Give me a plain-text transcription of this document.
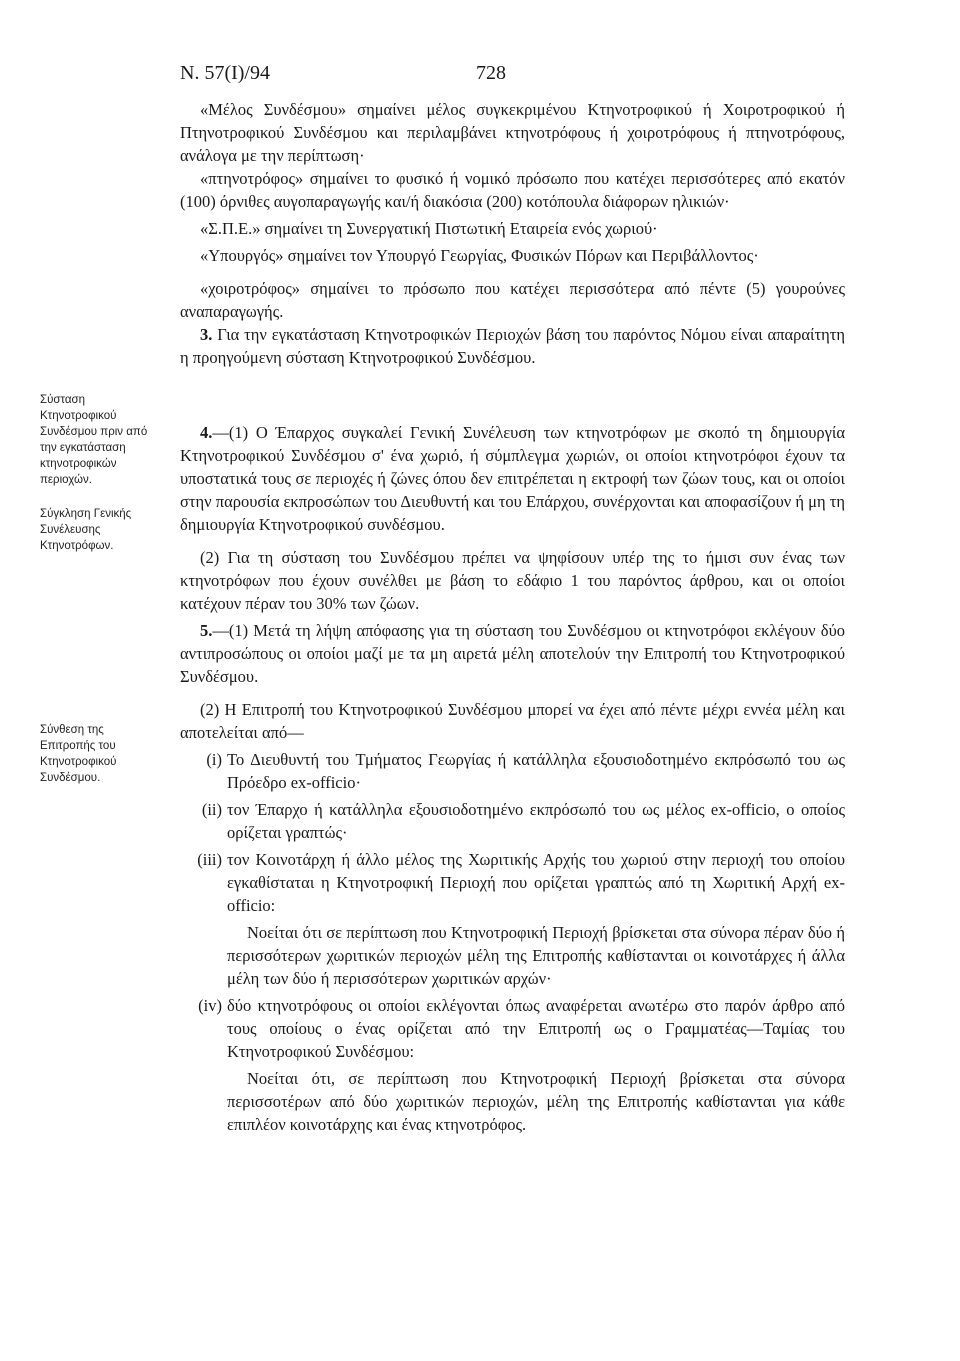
Ν. 57(Ι)/94	728
Σύσταση Κτηνοτροφικού Συνδέσμου πριν από την εγκατάσταση κτηνοτροφικών περιοχών.
Σύγκληση Γενικής Συνέλευσης Κτηνοτρόφων.
Σύνθεση της Επιτροπής του Κτηνοτροφικού Συνδέσμου.

«Μέλος Συνδέσμου» σημαίνει μέλος συγκεκριμένου Κτηνοτροφικού ή Χοιροτροφικού ή Πτηνοτροφικού Συνδέσμου και περιλαμβάνει κτηνοτρόφους ή χοιροτρόφους ή πτηνοτρόφους, ανάλογα με την περίπτωση·

«πτηνοτρόφος» σημαίνει το φυσικό ή νομικό πρόσωπο που κατέχει περισσότερες από εκατόν (100) όρνιθες αυγοπαραγωγής και/ή διακόσια (200) κοτόπουλα διάφορων ηλικιών·

«Σ.Π.Ε.» σημαίνει τη Συνεργατική Πιστωτική Εταιρεία ενός χωριού·

«Υπουργός» σημαίνει τον Υπουργό Γεωργίας, Φυσικών Πόρων και Περιβάλλοντος·

«χοιροτρόφος» σημαίνει το πρόσωπο που κατέχει περισσότερα από πέντε (5) γουρούνες αναπαραγωγής.

3. Για την εγκατάσταση Κτηνοτροφικών Περιοχών βάση του παρόντος Νόμου είναι απαραίτητη η προηγούμενη σύσταση Κτηνοτροφικού Συνδέσμου.

4.—(1) Ο Έπαρχος συγκαλεί Γενική Συνέλευση των κτηνοτρόφων με σκοπό τη δημιουργία Κτηνοτροφικού Συνδέσμου σ' ένα χωριό, ή σύμπλεγμα χωριών, οι οποίοι κτηνοτρόφοι έχουν τα υποστατικά τους σε περιοχές ή ζώνες όπου δεν επιτρέπεται η εκτροφή των ζώων τους, και οι οποίοι στην παρουσία εκπροσώπων του Διευθυντή και του Επάρχου, συνέρχονται και αποφασίζουν ή μη τη δημιουργία Κτηνοτροφικού συνδέσμου.

(2) Για τη σύσταση του Συνδέσμου πρέπει να ψηφίσουν υπέρ της το ήμισι συν ένας των κτηνοτρόφων που έχουν συνέλθει με βάση το εδάφιο 1 του παρόντος άρθρου, και οι οποίοι κατέχουν πέραν του 30% των ζώων.

5.—(1) Μετά τη λήψη απόφασης για τη σύσταση του Συνδέσμου οι κτηνοτρόφοι εκλέγουν δύο αντιπροσώπους οι οποίοι μαζί με τα μη αιρετά μέλη αποτελούν την Επιτροπή του Κτηνοτροφικού Συνδέσμου.

(2) Η Επιτροπή του Κτηνοτροφικού Συνδέσμου μπορεί να έχει από πέντε μέχρι εννέα μέλη και αποτελείται από—

(i) Το Διευθυντή του Τμήματος Γεωργίας ή κατάλληλα εξουσιοδοτημένο εκπρόσωπό του ως Πρόεδρο ex-officio·

(ii) τον Έπαρχο ή κατάλληλα εξουσιοδοτημένο εκπρόσωπό του ως μέλος ex-officio, ο οποίος ορίζεται γραπτώς·

(iii) τον Κοινοτάρχη ή άλλο μέλος της Χωριτικής Αρχής του χωριού στην περιοχή του οποίου εγκαθίσταται η Κτηνοτροφική Περιοχή που ορίζεται γραπτώς από τη Χωριτική Αρχή ex-officio:

Νοείται ότι σε περίπτωση που Κτηνοτροφική Περιοχή βρίσκεται στα σύνορα πέραν δύο ή περισσότερων χωριτικών περιοχών μέλη της Επιτροπής καθίστανται οι κοινοτάρχες ή άλλα μέλη των δύο ή περισσότερων χωριτικών αρχών·

(iv) δύο κτηνοτρόφους οι οποίοι εκλέγονται όπως αναφέρεται ανωτέρω στο παρόν άρθρο από τους οποίους ο ένας ορίζεται από την Επιτροπή ως ο Γραμματέας—Ταμίας του Κτηνοτροφικού Συνδέσμου:

Νοείται ότι, σε περίπτωση που Κτηνοτροφική Περιοχή βρίσκεται στα σύνορα περισσοτέρων από δύο χωριτικών περιοχών, μέλη της Επιτροπής καθίστανται για κάθε επιπλέον κοινοτάρχης και ένας κτηνοτρόφος.
